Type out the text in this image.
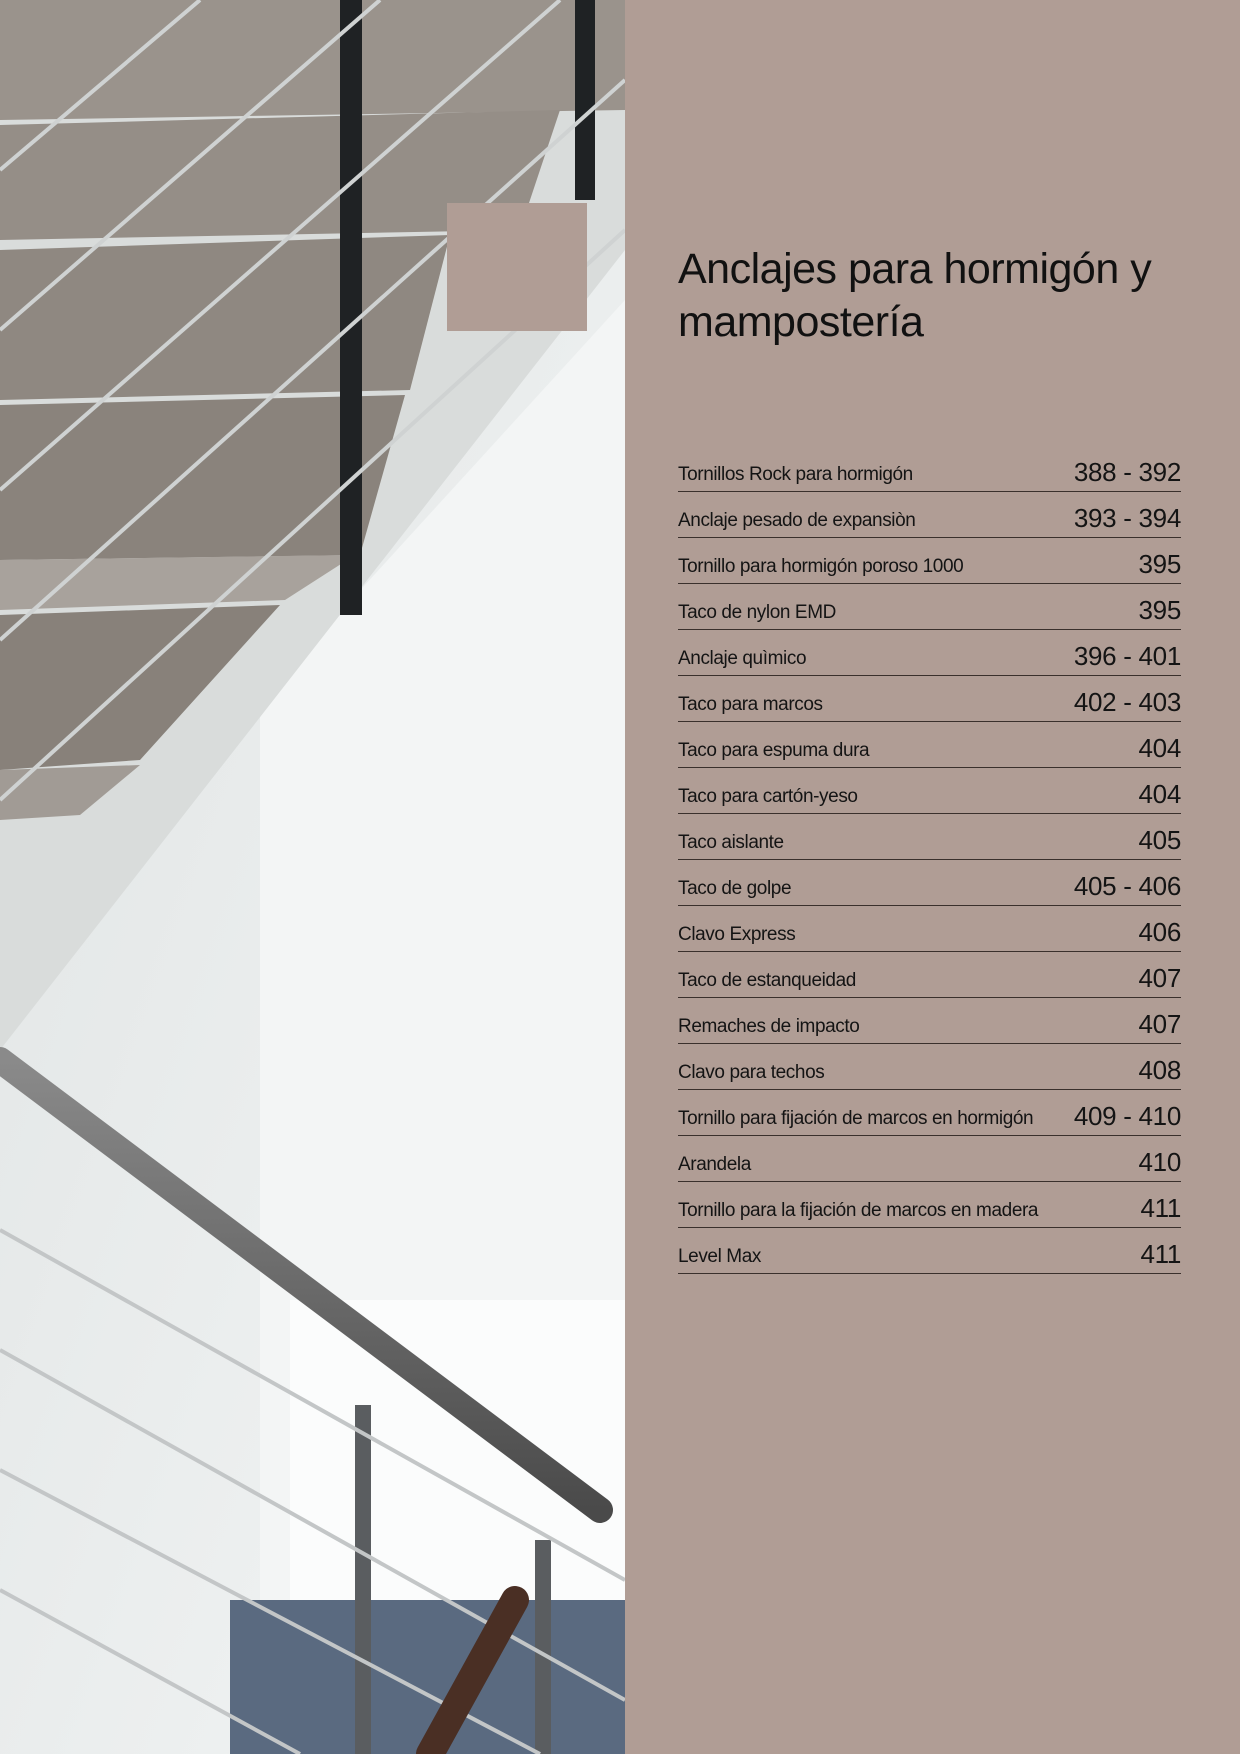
Anclajes para hormigón y mampostería
Tornillos Rock para hormigón	388 - 392
Anclaje pesado de expansiòn	393 - 394
Tornillo para hormigón poroso 1000	395
Taco de nylon EMD	395
Anclaje quìmico	396 - 401
Taco para marcos	402 - 403
Taco para espuma dura	404
Taco para cartón-yeso	404
Taco aislante	405
Taco de golpe	405 - 406
Clavo Express	406
Taco de estanqueidad	407
Remaches de impacto	407
Clavo para techos	408
Tornillo para fijación de marcos en hormigón 409 - 410
Arandela	410
Tornillo para la fijación de marcos en madera	411
Level Max	411
